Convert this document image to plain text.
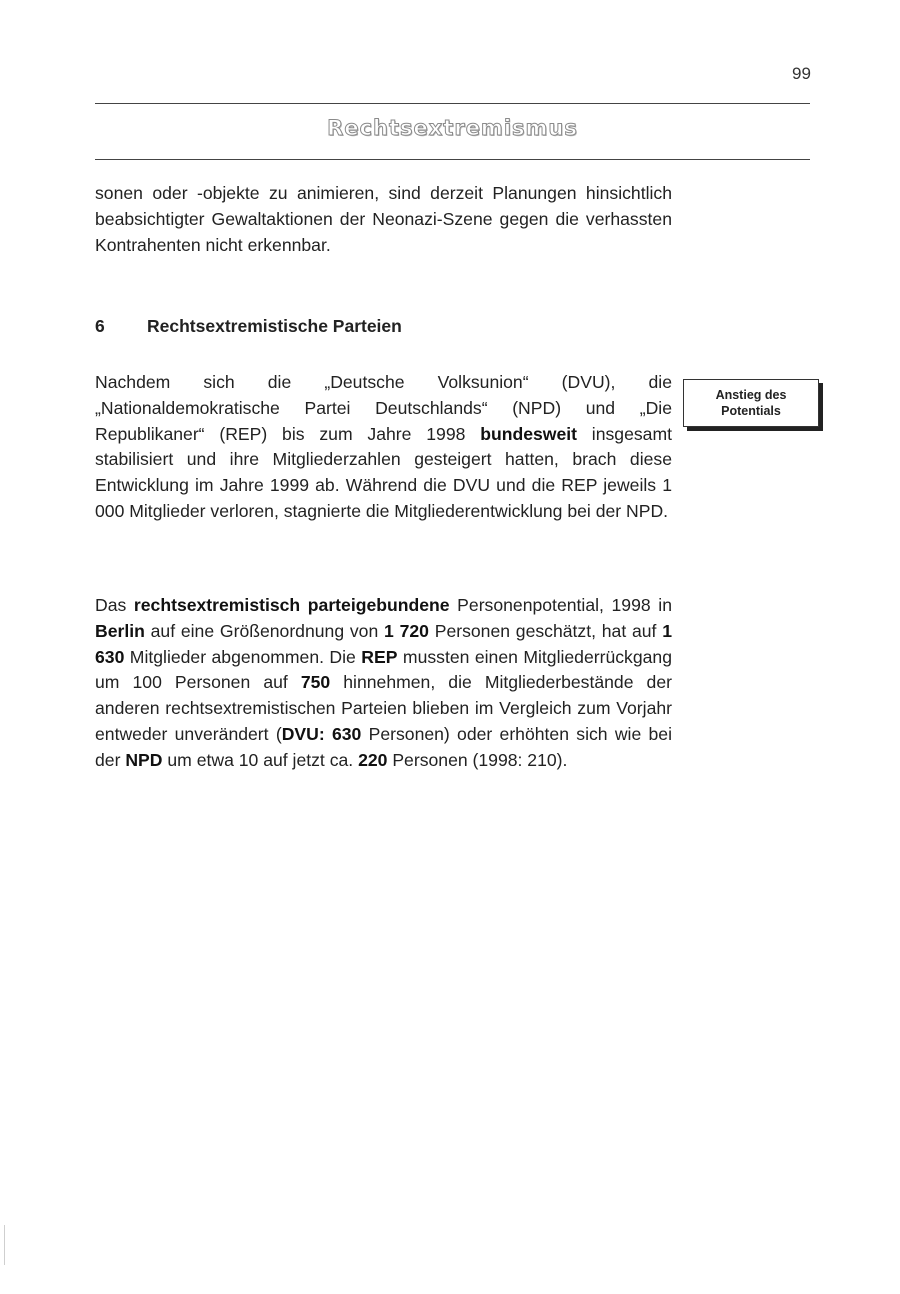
99
Rechtsextremismus

sonen oder -objekte zu animieren, sind derzeit Planungen hinsichtlich beabsichtigter Gewaltaktionen der Neonazi-Szene gegen die verhassten Kontrahenten nicht erkennbar.

6	Rechtsextremistische Parteien
Anstieg des
Potentials

Nachdem sich die „Deutsche Volksunion“ (DVU), die „Nationaldemokratische Partei Deutschlands“ (NPD) und „Die Republikaner“ (REP) bis zum Jahre 1998 bundesweit insgesamt stabilisiert und ihre Mitgliederzahlen gesteigert hatten, brach diese Entwicklung im Jahre 1999 ab. Während die DVU und die REP jeweils 1 000 Mitglieder verloren, stagnierte die Mitgliederentwicklung bei der NPD.

Das rechtsextremistisch parteigebundene Personenpotential, 1998 in Berlin auf eine Größenordnung von 1 720 Personen geschätzt, hat auf 1 630 Mitglieder abgenommen. Die REP mussten einen Mitgliederrückgang um 100 Personen auf 750 hinnehmen, die Mitgliederbestände der anderen rechtsextremistischen Parteien blieben im Vergleich zum Vorjahr entweder unverändert (DVU: 630 Personen) oder erhöhten sich wie bei der NPD um etwa 10 auf jetzt ca. 220 Personen (1998: 210).
